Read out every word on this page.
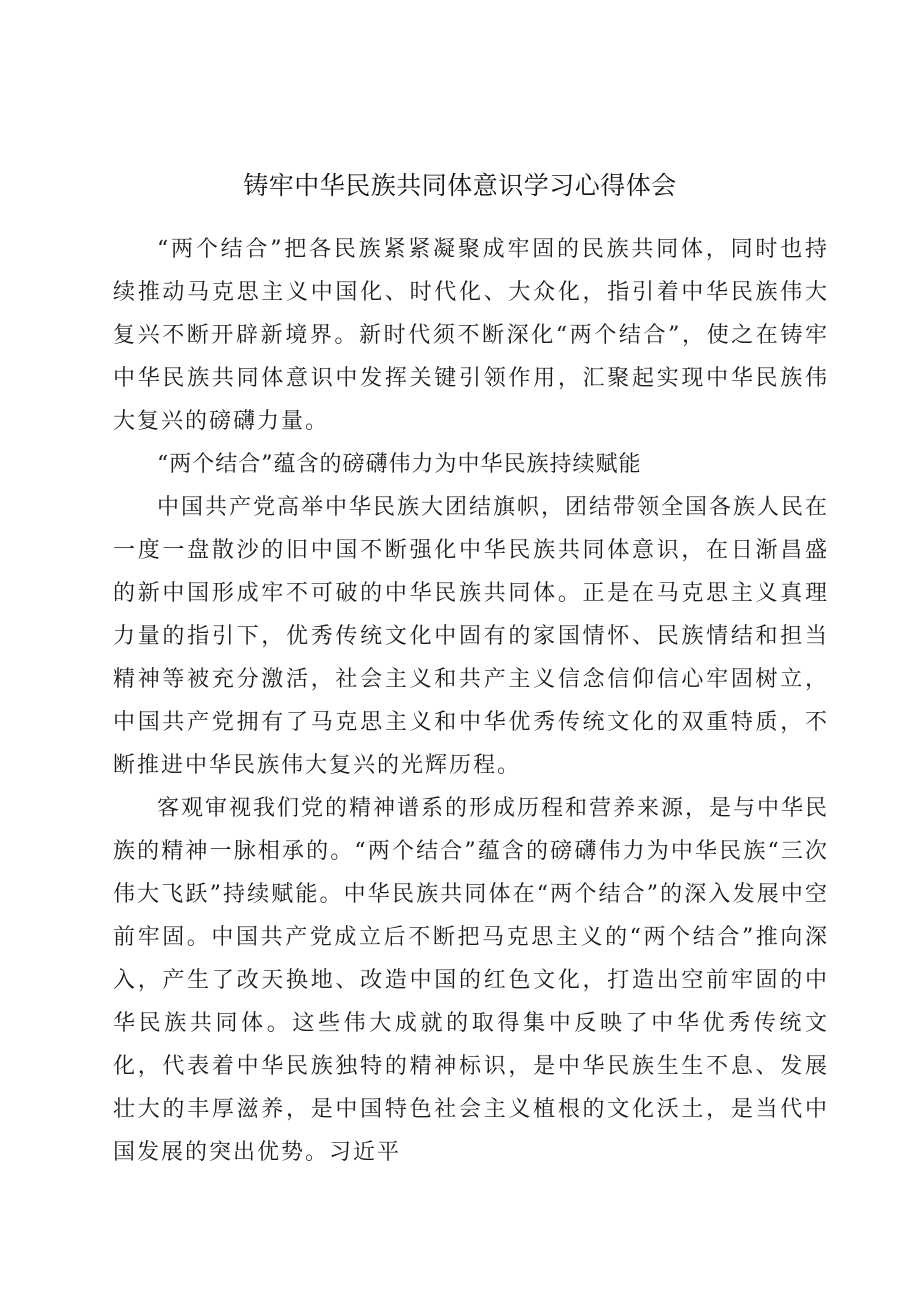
铸牢中华民族共同体意识学习心得体会

“两个结合”把各民族紧紧凝聚成牢固的民族共同体，同时也持续推动马克思主义中国化、时代化、大众化，指引着中华民族伟大复兴不断开辟新境界。新时代须不断深化“两个结合”，使之在铸牢中华民族共同体意识中发挥关键引领作用，汇聚起实现中华民族伟大复兴的磅礴力量。

“两个结合”蕴含的磅礴伟力为中华民族持续赋能

中国共产党高举中华民族大团结旗帜，团结带领全国各族人民在一度一盘散沙的旧中国不断强化中华民族共同体意识，在日渐昌盛的新中国形成牢不可破的中华民族共同体。正是在马克思主义真理力量的指引下，优秀传统文化中固有的家国情怀、民族情结和担当精神等被充分激活，社会主义和共产主义信念信仰信心牢固树立，中国共产党拥有了马克思主义和中华优秀传统文化的双重特质，不断推进中华民族伟大复兴的光辉历程。

客观审视我们党的精神谱系的形成历程和营养来源，是与中华民族的精神一脉相承的。“两个结合”蕴含的磅礴伟力为中华民族“三次伟大飞跃”持续赋能。中华民族共同体在“两个结合”的深入发展中空前牢固。中国共产党成立后不断把马克思主义的“两个结合”推向深入，产生了改天换地、改造中国的红色文化，打造出空前牢固的中华民族共同体。这些伟大成就的取得集中反映了中华优秀传统文化，代表着中华民族独特的精神标识，是中华民族生生不息、发展壮大的丰厚滋养，是中国特色社会主义植根的文化沃土，是当代中国发展的突出优势。习近平
